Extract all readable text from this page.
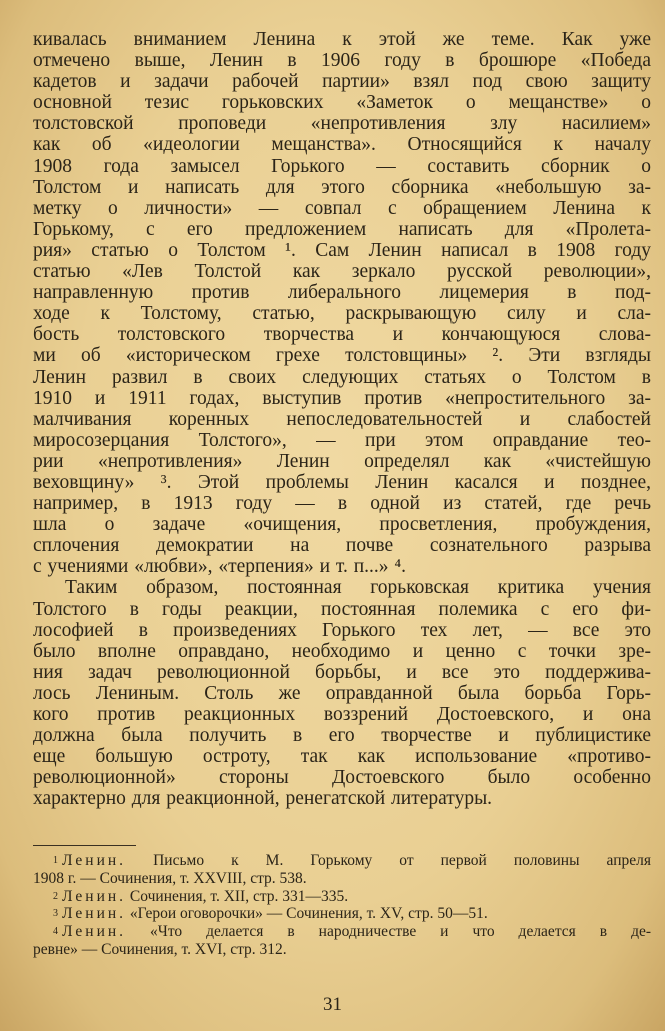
кивалась вниманием Ленина к этой же теме. Как уже
отмечено выше, Ленин в 1906 году в брошюре «Победа
кадетов и задачи рабочей партии» взял под свою защиту
основной тезис горьковских «Заметок о мещанстве» о
толстовской проповеди «непротивления злу насилием»
как об «идеологии мещанства». Относящийся к началу
1908 года замысел Горького — составить сборник о
Толстом и написать для этого сборника «небольшую за-
метку о личности» — совпал с обращением Ленина к
Горькому, с его предложением написать для «Пролета-
рия» статью о Толстом ¹. Сам Ленин написал в 1908 году
статью «Лев Толстой как зеркало русской революции»,
направленную против либерального лицемерия в под-
ходе к Толстому, статью, раскрывающую силу и сла-
бость толстовского творчества и кончающуюся слова-
ми об «историческом грехе толстовщины» ². Эти взгляды
Ленин развил в своих следующих статьях о Толстом в
1910 и 1911 годах, выступив против «непростительного за-
малчивания коренных непоследовательностей и слабостей
миросозерцания Толстого», — при этом оправдание тео-
рии «непротивления» Ленин определял как «чистейшую
веховщину» ³. Этой проблемы Ленин касался и позднее,
например, в 1913 году — в одной из статей, где речь
шла о задаче «очищения, просветления, пробуждения,
сплочения демократии на почве сознательного разрыва
с учениями «любви», «терпения» и т. п...» ⁴.
Таким образом, постоянная горьковская критика учения
Толстого в годы реакции, постоянная полемика с его фи-
лософией в произведениях Горького тех лет, — все это
было вполне оправдано, необходимо и ценно с точки зре-
ния задач революционной борьбы, и все это поддержива-
лось Лениным. Столь же оправданной была борьба Горь-
кого против реакционных воззрений Достоевского, и она
должна была получить в его творчестве и публицистике
еще большую остроту, так как использование «противо-
революционной» стороны Достоевского было особенно
характерно для реакционной, ренегатской литературы.
$^1$ Ленин. Письмо к М. Горькому от первой половины апреля
1908 г. — Сочинения, т. XXVIII, стр. 538.
$^2$ Ленин. Сочинения, т. XII, стр. 331—335.
$^3$ Ленин. «Герои оговорочки» — Сочинения, т. XV, стр. 50—51.
$^4$ Ленин. «Что делается в народничестве и что делается в де-
ревне» — Сочинения, т. XVI, стр. 312.
31
